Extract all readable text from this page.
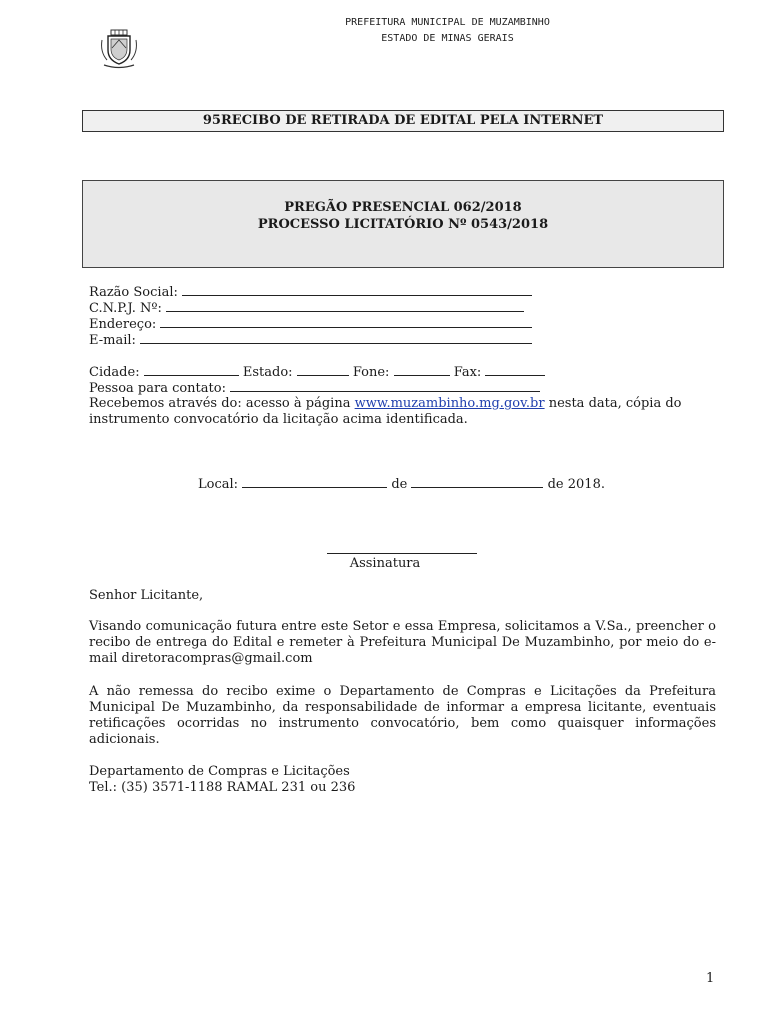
PREFEITURA MUNICIPAL DE MUZAMBINHO
ESTADO DE MINAS GERAIS
95RECIBO DE RETIRADA DE EDITAL PELA INTERNET
PREGÃO PRESENCIAL 062/2018
PROCESSO LICITATÓRIO Nº 0543/2018
Razão Social:
C.N.P.J. Nº:
Endereço:
E-mail:
Cidade:	Estado:	Fone:	Fax:
Pessoa para contato:
Recebemos através do: acesso à página www.muzambinho.mg.gov.br nesta data, cópia do
instrumento convocatório da licitação acima identificada.
Local:	de	de 2018.
Assinatura
Senhor Licitante,
Visando comunicação futura entre este Setor e essa Empresa, solicitamos a V.Sa., preencher o recibo de entrega do Edital e remeter à Prefeitura Municipal De Muzambinho, por meio do e-mail diretoracompras@gmail.com
A não remessa do recibo exime o Departamento de Compras e Licitações da Prefeitura Municipal De Muzambinho, da responsabilidade de informar a empresa licitante, eventuais retificações ocorridas no instrumento convocatório, bem como quaisquer informações adicionais.
Departamento de Compras e Licitações
Tel.: (35) 3571-1188 RAMAL 231 ou 236
1
